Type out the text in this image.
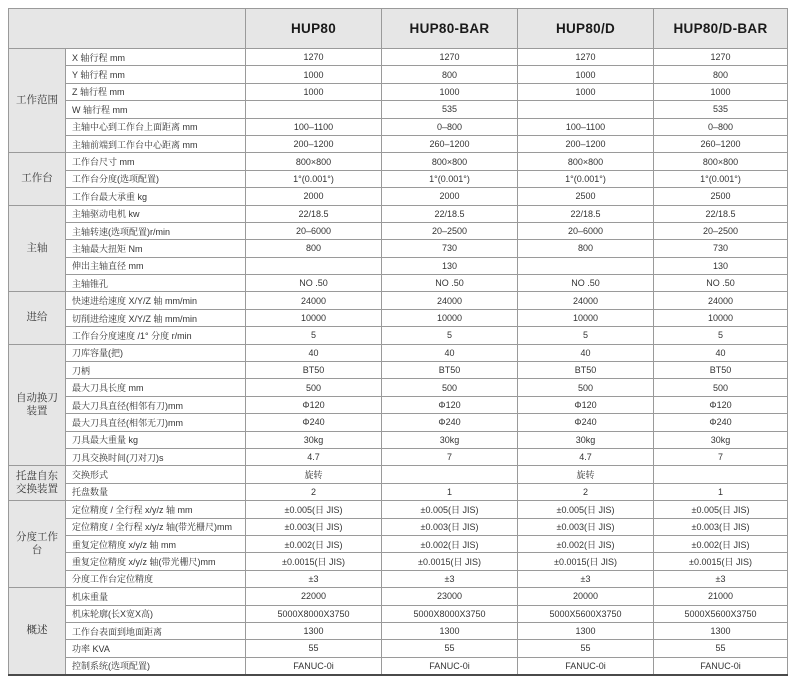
		HUP80	HUP80-BAR	HUP80/D	HUP80/D-BAR
工作范围	X 轴行程 mm	1270	1270	1270	1270
	Y 轴行程 mm	1000	800	1000	800
	Z 轴行程 mm	1000	1000	1000	1000
	W 轴行程 mm		535		535
	主轴中心到工作台上面距离 mm	100–1100	0–800	100–1100	0–800
	主轴前端到工作台中心距离 mm	200–1200	260–1200	200–1200	260–1200
工作台	工作台尺寸 mm	800×800	800×800	800×800	800×800
	工作台分度(选项配置)	1°(0.001°)	1°(0.001°)	1°(0.001°)	1°(0.001°)
	工作台最大承重 kg	2000	2000	2500	2500
主轴	主轴驱动电机 kw	22/18.5	22/18.5	22/18.5	22/18.5
	主轴转速(选项配置)r/min	20–6000	20–2500	20–6000	20–2500
	主轴最大扭矩 Nm	800	730	800	730
	伸出主轴直径 mm		130		130
	主轴锥孔	NO .50	NO .50	NO .50	NO .50
进给	快速进给速度 X/Y/Z 轴 mm/min	24000	24000	24000	24000
	切削进给速度 X/Y/Z 轴 mm/min	10000	10000	10000	10000
	工作台分度速度 /1° 分度 r/min	5	5	5	5
自动换刀装置	刀库容量(把)	40	40	40	40
	刀柄	BT50	BT50	BT50	BT50
	最大刀具长度 mm	500	500	500	500
	最大刀具直径(相邻有刀)mm	Φ120	Φ120	Φ120	Φ120
	最大刀具直径(相邻无刀)mm	Φ240	Φ240	Φ240	Φ240
	刀具最大重量 kg	30kg	30kg	30kg	30kg
	刀具交换时间(刀对刀)s	4.7	7	4.7	7
托盘自东交换装置	交换形式	旋转		旋转	
	托盘数量	2	1	2	1
分度工作台	定位精度 / 全行程 x/y/z 轴 mm	±0.005(日 JIS)	±0.005(日 JIS)	±0.005(日 JIS)	±0.005(日 JIS)
	定位精度 / 全行程 x/y/z 轴(带光栅尺)mm	±0.003(日 JIS)	±0.003(日 JIS)	±0.003(日 JIS)	±0.003(日 JIS)
	重复定位精度 x/y/z 轴 mm	±0.002(日 JIS)	±0.002(日 JIS)	±0.002(日 JIS)	±0.002(日 JIS)
	重复定位精度 x/y/z 轴(带光栅尺)mm	±0.0015(日 JIS)	±0.0015(日 JIS)	±0.0015(日 JIS)	±0.0015(日 JIS)
	分度工作台定位精度	±3	±3	±3	±3
概述	机床重量	22000	23000	20000	21000
	机床轮廓(长X宽X高)	5000X8000X3750	5000X8000X3750	5000X5600X3750	5000X5600X3750
	工作台表面到地面距离	1300	1300	1300	1300
	功率 KVA	55	55	55	55
	控制系统(选项配置)	FANUC-0i	FANUC-0i	FANUC-0i	FANUC-0i
